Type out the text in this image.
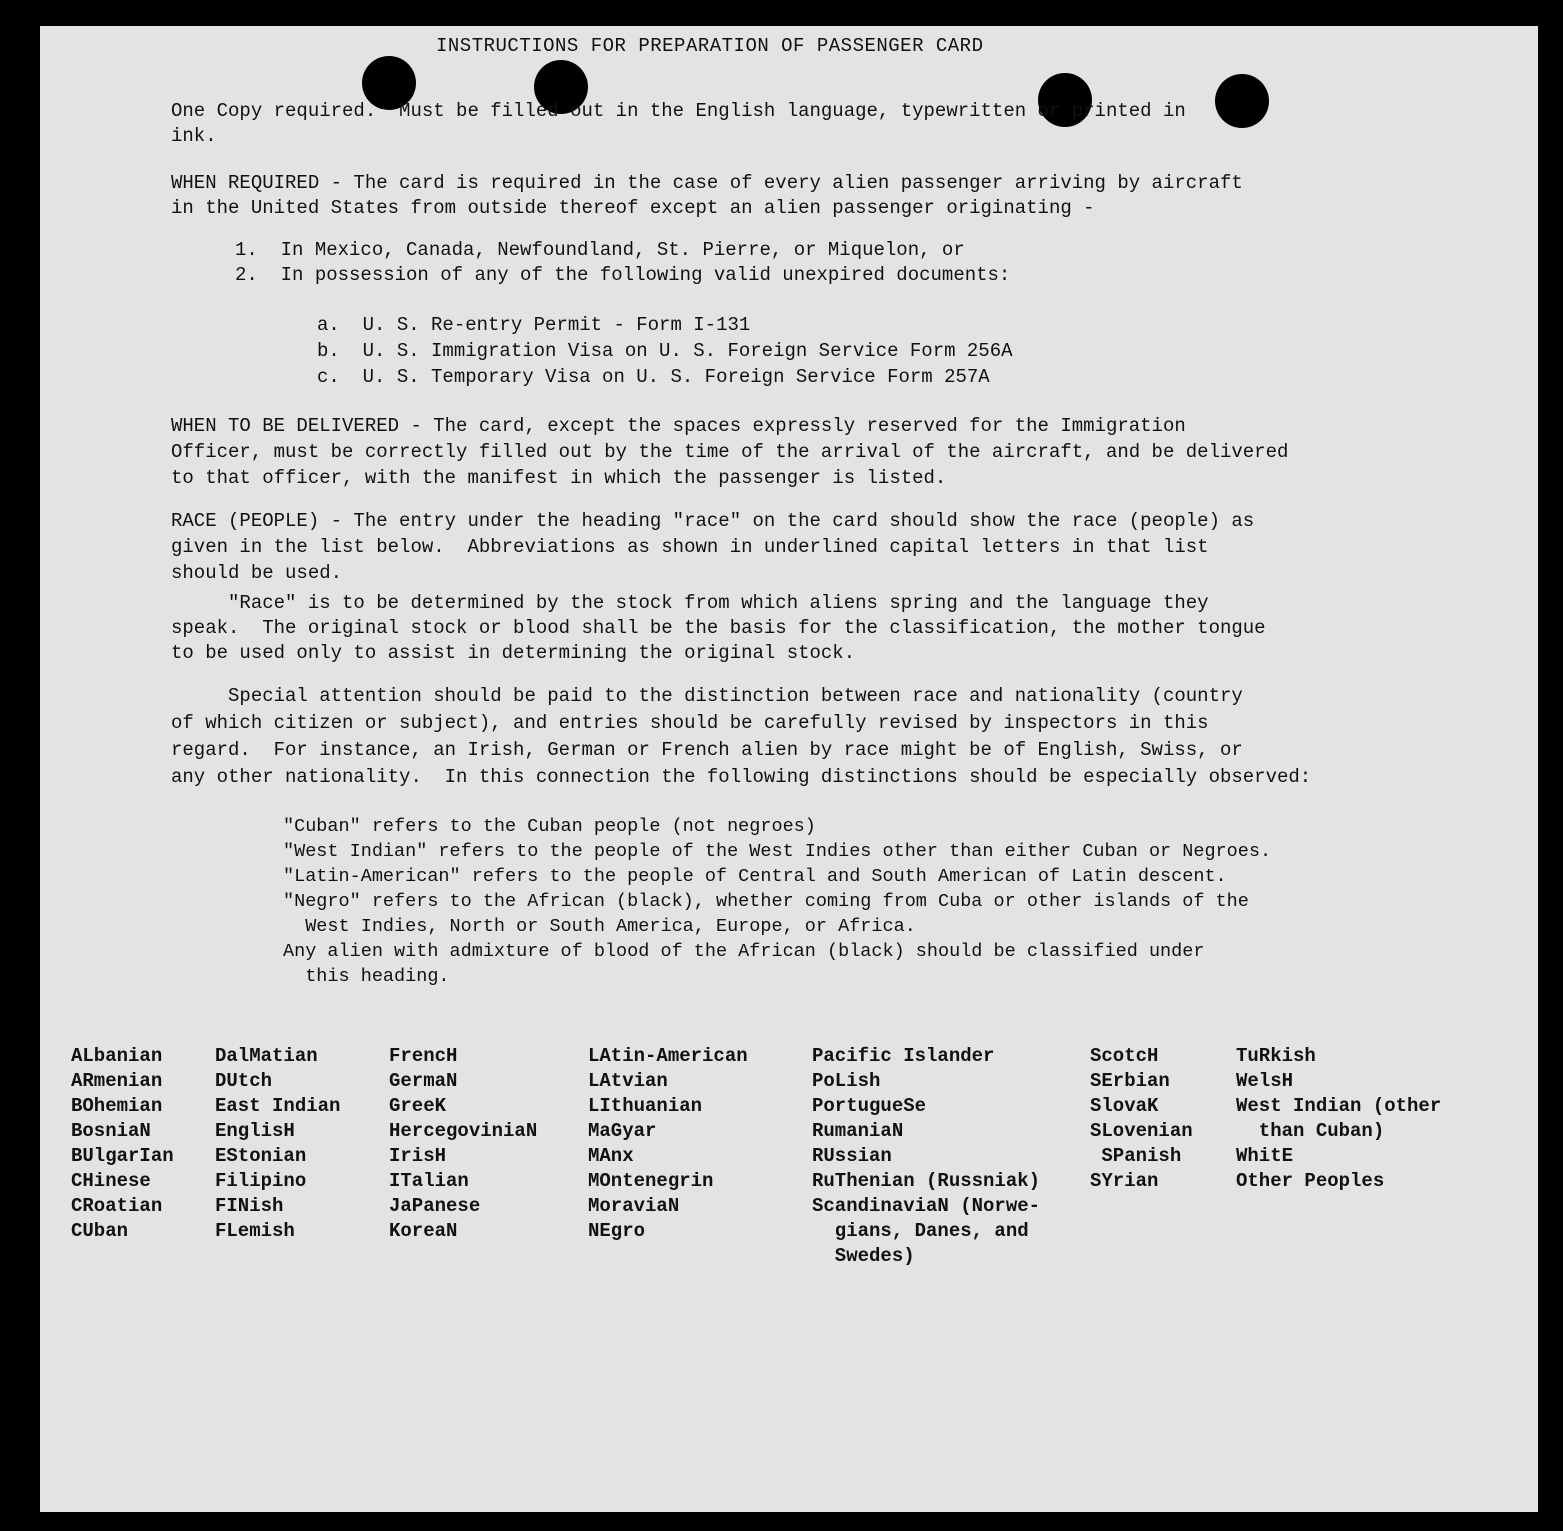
INSTRUCTIONS FOR PREPARATION OF PASSENGER CARD
One Copy required.  Must be filled out in the English language, typewritten or printed in
ink.
WHEN REQUIRED - The card is required in the case of every alien passenger arriving by aircraft
in the United States from outside thereof except an alien passenger originating -
1.  In Mexico, Canada, Newfoundland, St. Pierre, or Miquelon, or
2.  In possession of any of the following valid unexpired documents:
a.  U. S. Re-entry Permit - Form I-131
b.  U. S. Immigration Visa on U. S. Foreign Service Form 256A
c.  U. S. Temporary Visa on U. S. Foreign Service Form 257A
WHEN TO BE DELIVERED - The card, except the spaces expressly reserved for the Immigration
Officer, must be correctly filled out by the time of the arrival of the aircraft, and be delivered
to that officer, with the manifest in which the passenger is listed.
RACE (PEOPLE) - The entry under the heading "race" on the card should show the race (people) as
given in the list below.  Abbreviations as shown in underlined capital letters in that list
should be used.
"Race" is to be determined by the stock from which aliens spring and the language they
speak.  The original stock or blood shall be the basis for the classification, the mother tongue
to be used only to assist in determining the original stock.
Special attention should be paid to the distinction between race and nationality (country
of which citizen or subject), and entries should be carefully revised by inspectors in this
regard.  For instance, an Irish, German or French alien by race might be of English, Swiss, or
any other nationality.  In this connection the following distinctions should be especially observed:
"Cuban" refers to the Cuban people (not negroes)
"West Indian" refers to the people of the West Indies other than either Cuban or Negroes.
"Latin-American" refers to the people of Central and South American of Latin descent.
"Negro" refers to the African (black), whether coming from Cuba or other islands of the
West Indies, North or South America, Europe, or Africa.
Any alien with admixture of blood of the African (black) should be classified under
this heading.
ALbanian
ARmenian
BOhemian
BosniaN
BUlgarIan
CHinese
CRoatian
CUban
DalMatian
DUtch
East Indian
EnglisH
EStonian
Filipino
FINish
FLemish
FrencH
GermaN
GreeK
HercegoviniaN
IrisH
ITalian
JaPanese
KoreaN
LAtin-American
LAtvian
LIthuanian
MaGyar
MAnx
MOntenegrin
MoraviaN
NEgro
Pacific Islander
PoLish
PortugueSe
RumaniaN
RUssian
RuThenian (Russniak)
ScandinaviaN (Norwe-
gians, Danes, and
Swedes)
ScotcH
SErbian
SlovaK
SLovenian
SPanish
SYrian
TuRkish
WelsH
West Indian (other
than Cuban)
WhitE
Other Peoples
